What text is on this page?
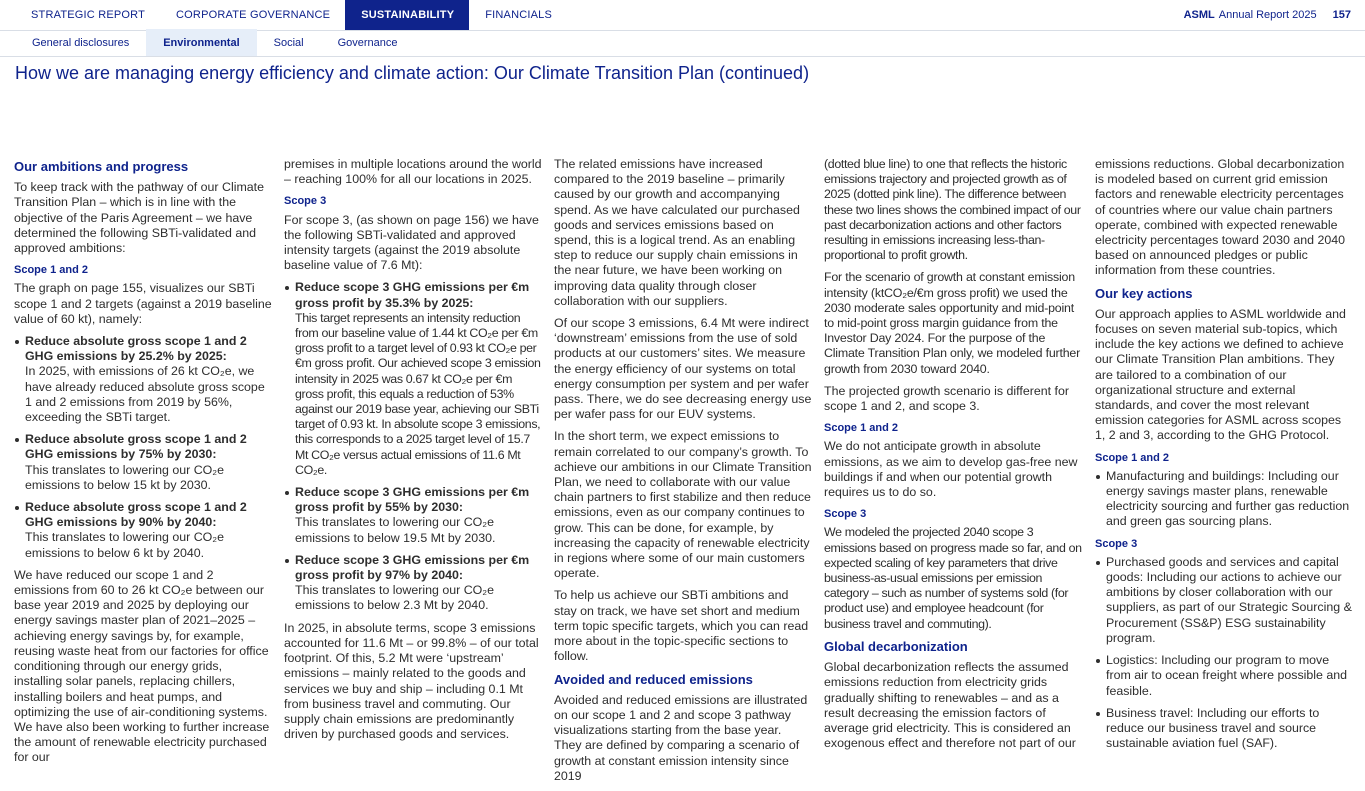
STRATEGIC REPORT	CORPORATE GOVERNANCE	SUSTAINABILITY	FINANCIALS	ASML Annual Report 2025 157
General disclosures	Environmental	Social	Governance
How we are managing energy efficiency and climate action: Our Climate Transition Plan (continued)
Our ambitions and progress

To keep track with the pathway of our Climate Transition Plan – which is in line with the objective of the Paris Agreement – we have determined the following SBTi-validated and approved ambitions:

Scope 1 and 2

The graph on page 155, visualizes our SBTi scope 1 and 2 targets (against a 2019 baseline value of 60 kt), namely:

Reduce absolute gross scope 1 and 2 GHG emissions by 25.2% by 2025:
In 2025, with emissions of 26 kt CO₂e, we have already reduced absolute gross scope 1 and 2 emissions from 2019 by 56%, exceeding the SBTi target.
Reduce absolute gross scope 1 and 2 GHG emissions by 75% by 2030:
This translates to lowering our CO₂e emissions to below 15 kt by 2030.
Reduce absolute gross scope 1 and 2 GHG emissions by 90% by 2040:
This translates to lowering our CO₂e emissions to below 6 kt by 2040.

We have reduced our scope 1 and 2 emissions from 60 to 26 kt CO₂e between our base year 2019 and 2025 by deploying our energy savings master plan of 2021–2025 – achieving energy savings by, for example, reusing waste heat from our factories for office conditioning through our energy grids, installing solar panels, replacing chillers, installing boilers and heat pumps, and optimizing the use of air-conditioning systems. We have also been working to further increase the amount of renewable electricity purchased for our

premises in multiple locations around the world – reaching 100% for all our locations in 2025.

Scope 3

For scope 3, (as shown on page 156) we have the following SBTi-validated and approved intensity targets (against the 2019 absolute baseline value of 7.6 Mt):

Reduce scope 3 GHG emissions per €m gross profit by 35.3% by 2025:
This target represents an intensity reduction from our baseline value of 1.44 kt CO₂e per €m gross profit to a target level of 0.93 kt CO₂e per €m gross profit. Our achieved scope 3 emission intensity in 2025 was 0.67 kt CO₂e per €m gross profit, this equals a reduction of 53% against our 2019 base year, achieving our SBTi target of 0.93 kt. In absolute scope 3 emissions, this corresponds to a 2025 target level of 15.7 Mt CO₂e versus actual emissions of 11.6 Mt CO₂e.
Reduce scope 3 GHG emissions per €m gross profit by 55% by 2030:
This translates to lowering our CO₂e emissions to below 19.5 Mt by 2030.
Reduce scope 3 GHG emissions per €m gross profit by 97% by 2040:
This translates to lowering our CO₂e emissions to below 2.3 Mt by 2040.

In 2025, in absolute terms, scope 3 emissions accounted for 11.6 Mt – or 99.8% – of our total footprint. Of this, 5.2 Mt were ‘upstream’ emissions – mainly related to the goods and services we buy and ship – including 0.1 Mt from business travel and commuting. Our supply chain emissions are predominantly driven by purchased goods and services.

The related emissions have increased compared to the 2019 baseline – primarily caused by our growth and accompanying spend. As we have calculated our purchased goods and services emissions based on spend, this is a logical trend. As an enabling step to reduce our supply chain emissions in the near future, we have been working on improving data quality through closer collaboration with our suppliers.

Of our scope 3 emissions, 6.4 Mt were indirect ‘downstream’ emissions from the use of sold products at our customers’ sites. We measure the energy efficiency of our systems on total energy consumption per system and per wafer pass. There, we do see decreasing energy use per wafer pass for our EUV systems.

In the short term, we expect emissions to remain correlated to our company’s growth. To achieve our ambitions in our Climate Transition Plan, we need to collaborate with our value chain partners to first stabilize and then reduce emissions, even as our company continues to grow. This can be done, for example, by increasing the capacity of renewable electricity in regions where some of our main customers operate.

To help us achieve our SBTi ambitions and stay on track, we have set short and medium term topic specific targets, which you can read more about in the topic-specific sections to follow.

Avoided and reduced emissions

Avoided and reduced emissions are illustrated on our scope 1 and 2 and scope 3 pathway visualizations starting from the base year. They are defined by comparing a scenario of growth at constant emission intensity since 2019

(dotted blue line) to one that reflects the historic emissions trajectory and projected growth as of 2025 (dotted pink line). The difference between these two lines shows the combined impact of our past decarbonization actions and other factors resulting in emissions increasing less-than-proportional to profit growth.

For the scenario of growth at constant emission intensity (ktCO₂e/€m gross profit) we used the 2030 moderate sales opportunity and mid-point to mid-point gross margin guidance from the Investor Day 2024. For the purpose of the Climate Transition Plan only, we modeled further growth from 2030 toward 2040.

The projected growth scenario is different for scope 1 and 2, and scope 3.

Scope 1 and 2

We do not anticipate growth in absolute emissions, as we aim to develop gas-free new buildings if and when our potential growth requires us to do so.

Scope 3

We modeled the projected 2040 scope 3 emissions based on progress made so far, and on expected scaling of key parameters that drive business-as-usual emissions per emission category – such as number of systems sold (for product use) and employee headcount (for business travel and commuting).

Global decarbonization

Global decarbonization reflects the assumed emissions reduction from electricity grids gradually shifting to renewables – and as a result decreasing the emission factors of average grid electricity. This is considered an exogenous effect and therefore not part of our

emissions reductions. Global decarbonization is modeled based on current grid emission factors and renewable electricity percentages of countries where our value chain partners operate, combined with expected renewable electricity percentages toward 2030 and 2040 based on announced pledges or public information from these countries.

Our key actions

Our approach applies to ASML worldwide and focuses on seven material sub-topics, which include the key actions we defined to achieve our Climate Transition Plan ambitions. They are tailored to a combination of our organizational structure and external standards, and cover the most relevant emission categories for ASML across scopes 1, 2 and 3, according to the GHG Protocol.

Scope 1 and 2
Manufacturing and buildings: Including our energy savings master plans, renewable electricity sourcing and further gas reduction and green gas sourcing plans.
Scope 3
Purchased goods and services and capital goods: Including our actions to achieve our ambitions by closer collaboration with our suppliers, as part of our Strategic Sourcing & Procurement (SS&P) ESG sustainability program.
Logistics: Including our program to move from air to ocean freight where possible and feasible.
Business travel: Including our efforts to reduce our business travel and source sustainable aviation fuel (SAF).
